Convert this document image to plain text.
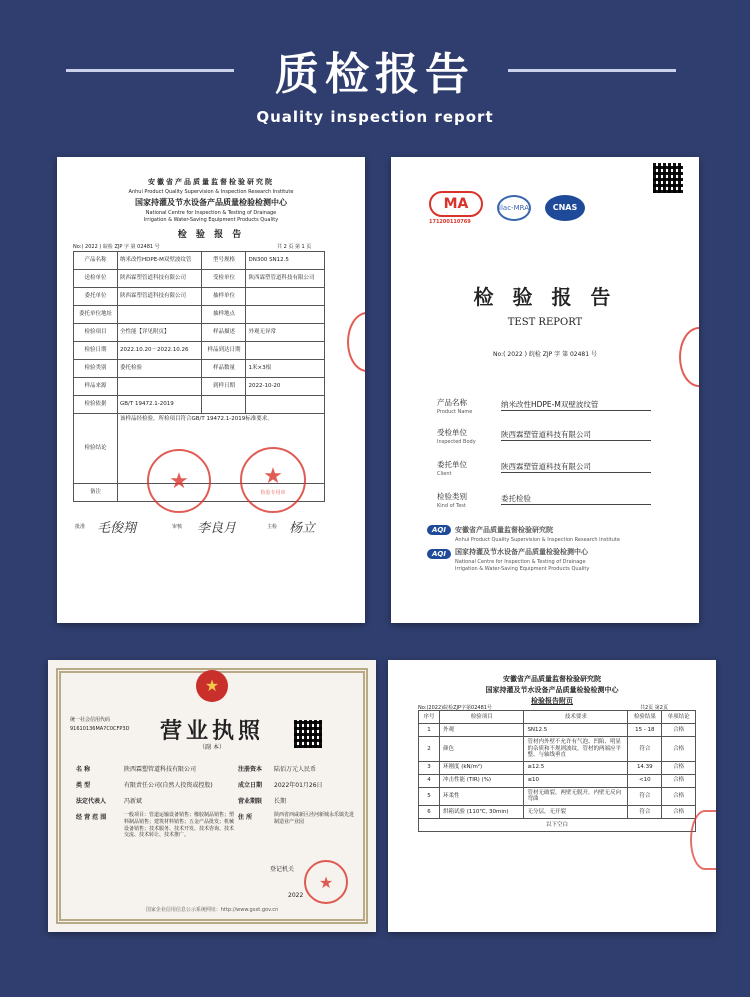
质检报告
Quality inspection report
安徽省产品质量监督检验研究院
Anhui Product Quality Supervision & Inspection Research Institute
国家持灌及节水设备产品质量检验检测中心
National Centre for Inspection & Testing of Drainage
Irrigation & Water-Saving Equipment Products Quality
检 验 报 告
No:( 2022 ) 皖检 ZJP 字 第 02481 号	共 2 页 第 1 页
产品名称	纳米改性HDPE-M双壁波纹管	型号规格	DN300 SN12.5
送检单位	陕西霖塑管道科技有限公司	受检单位	陕西霖塑管道科技有限公司
委托单位	陕西霖塑管道科技有限公司	抽样单位	
委托单位地址		抽样地点	
检验项目	全性能【详见附页】	样品描述	外观无异常
检验日期	2022.10.20－2022.10.26	样品到达日期	
检验类别	委托检验	样品数量	1米×3根
样品来源		到样日期	2022-10-20
检验依据	GB/T 19472.1-2019		
检验结论	该样品经检验，所检项目符合GB/T 19472.1-2019标准要求。		
备注				★	★
检验专用章
批准 毛俊翔	审核 李良月	主检 杨立
MA
171200110769
ilac-MRA	CNAS
检 验 报 告
TEST REPORT
No:( 2022 ) 皖检 ZJP 字 第 02481 号
产品名称
Product Name
纳米改性HDPE-M双壁波纹管
受检单位
Inspected Body
陕西霖塑管道科技有限公司
委托单位
Client
陕西霖塑管道科技有限公司
检验类别
Kind of Test
委托检验
AQI	安徽省产品质量监督检验研究院
Anhui Product Quality Supervision & Inspection Research Institute
AQI	国家持灌及节水设备产品质量检验检测中心
National Centre for Inspection & Testing of Drainage
Irrigation & Water-Saving Equipment Products Quality
★
统一社会信用代码
91610136MA7C0CFP3D	营业执照
（副 本）
名 称	陕西霖塑管道科技有限公司
类 型	有限责任公司(自然人投资或控股)
法定代表人	冯新斌
经 营 范 围	一般项目：管道运输设备销售；橡胶制品销售；塑料制品销售；建筑材料销售；五金产品批发；机械设备销售；技术服务、技术开发、技术咨询、技术交流、技术转让、技术推广。
注册资本 陆佰万元人民币
成立日期 2022年01月26日
营业期限 长期
住 所	陕西省西咸新区泾河新城永乐镇先进制造业产业园
登记机关
2022
★
国家企业信用信息公示系统网址：http://www.gsxt.gov.cn
安徽省产品质量监督检验研究院
国家持灌及节水设备产品质量检验检测中心
检验报告附页
No:(2022)皖检ZJP字第02481号	共2页 第2页
序号	检验项目	技术要求	检验结果	单项结论
1	外观	SN12.5	15 - 18	合格
2	颜色	管材内外壁不允许有气泡、凹陷、明显的杂质和不规则波纹，管材的两端应平整、与轴线垂直	符合	合格
3	环刚度 (kN/m²)	≥12.5	14.39	合格
4	冲击性能 (TIR) (%)	≤10	<10	合格
5	环柔性	管材无破裂，两壁无脱开，内壁无反向弯曲	符合	合格
6	烘箱试验 (110℃, 30min)	无分层，无开裂	符合	合格
以下空白				
